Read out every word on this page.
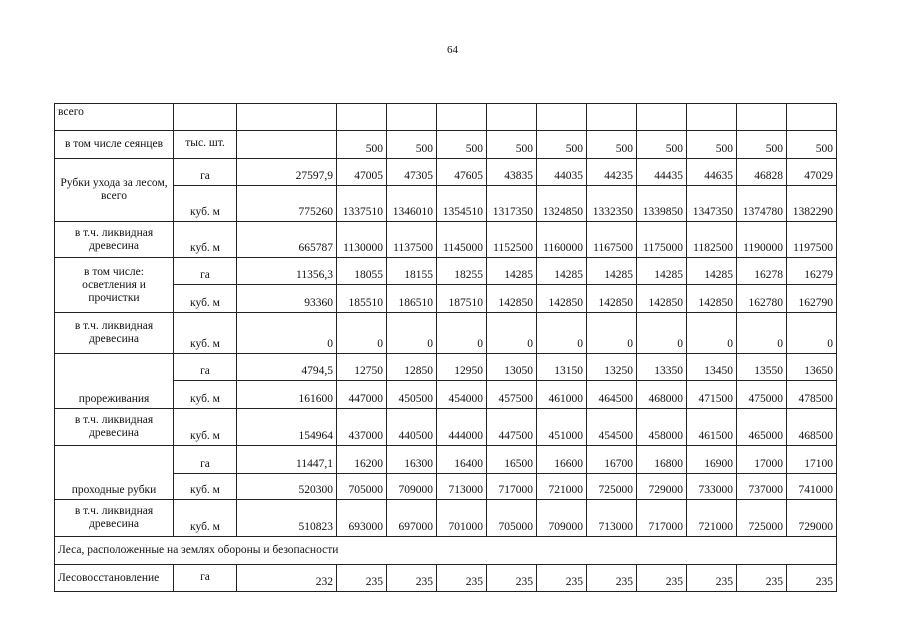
64
всего												
в том числе сеянцев	тыс. шт.		500	500	500	500	500	500	500	500	500	500
Рубки ухода за лесом, всего	га	27597,9	47005	47305	47605	43835	44035	44235	44435	44635	46828	47029
	куб. м	775260	1337510	1346010	1354510	1317350	1324850	1332350	1339850	1347350	1374780	1382290
в т.ч. ликвидная древесина	куб. м	665787	1130000	1137500	1145000	1152500	1160000	1167500	1175000	1182500	1190000	1197500
в том числе: осветления и прочистки	га	11356,3	18055	18155	18255	14285	14285	14285	14285	14285	16278	16279
	куб. м	93360	185510	186510	187510	142850	142850	142850	142850	142850	162780	162790
в т.ч. ликвидная древесина	куб. м	0	0	0	0	0	0	0	0	0	0	0
прореживания	га	4794,5	12750	12850	12950	13050	13150	13250	13350	13450	13550	13650
	куб. м	161600	447000	450500	454000	457500	461000	464500	468000	471500	475000	478500
в т.ч. ликвидная древесина	куб. м	154964	437000	440500	444000	447500	451000	454500	458000	461500	465000	468500
проходные рубки	га	11447,1	16200	16300	16400	16500	16600	16700	16800	16900	17000	17100
	куб. м	520300	705000	709000	713000	717000	721000	725000	729000	733000	737000	741000
в т.ч. ликвидная древесина	куб. м	510823	693000	697000	701000	705000	709000	713000	717000	721000	725000	729000
Леса, расположенные на землях обороны и безопасности												
Лесовосстановление	га	232	235	235	235	235	235	235	235	235	235	235
